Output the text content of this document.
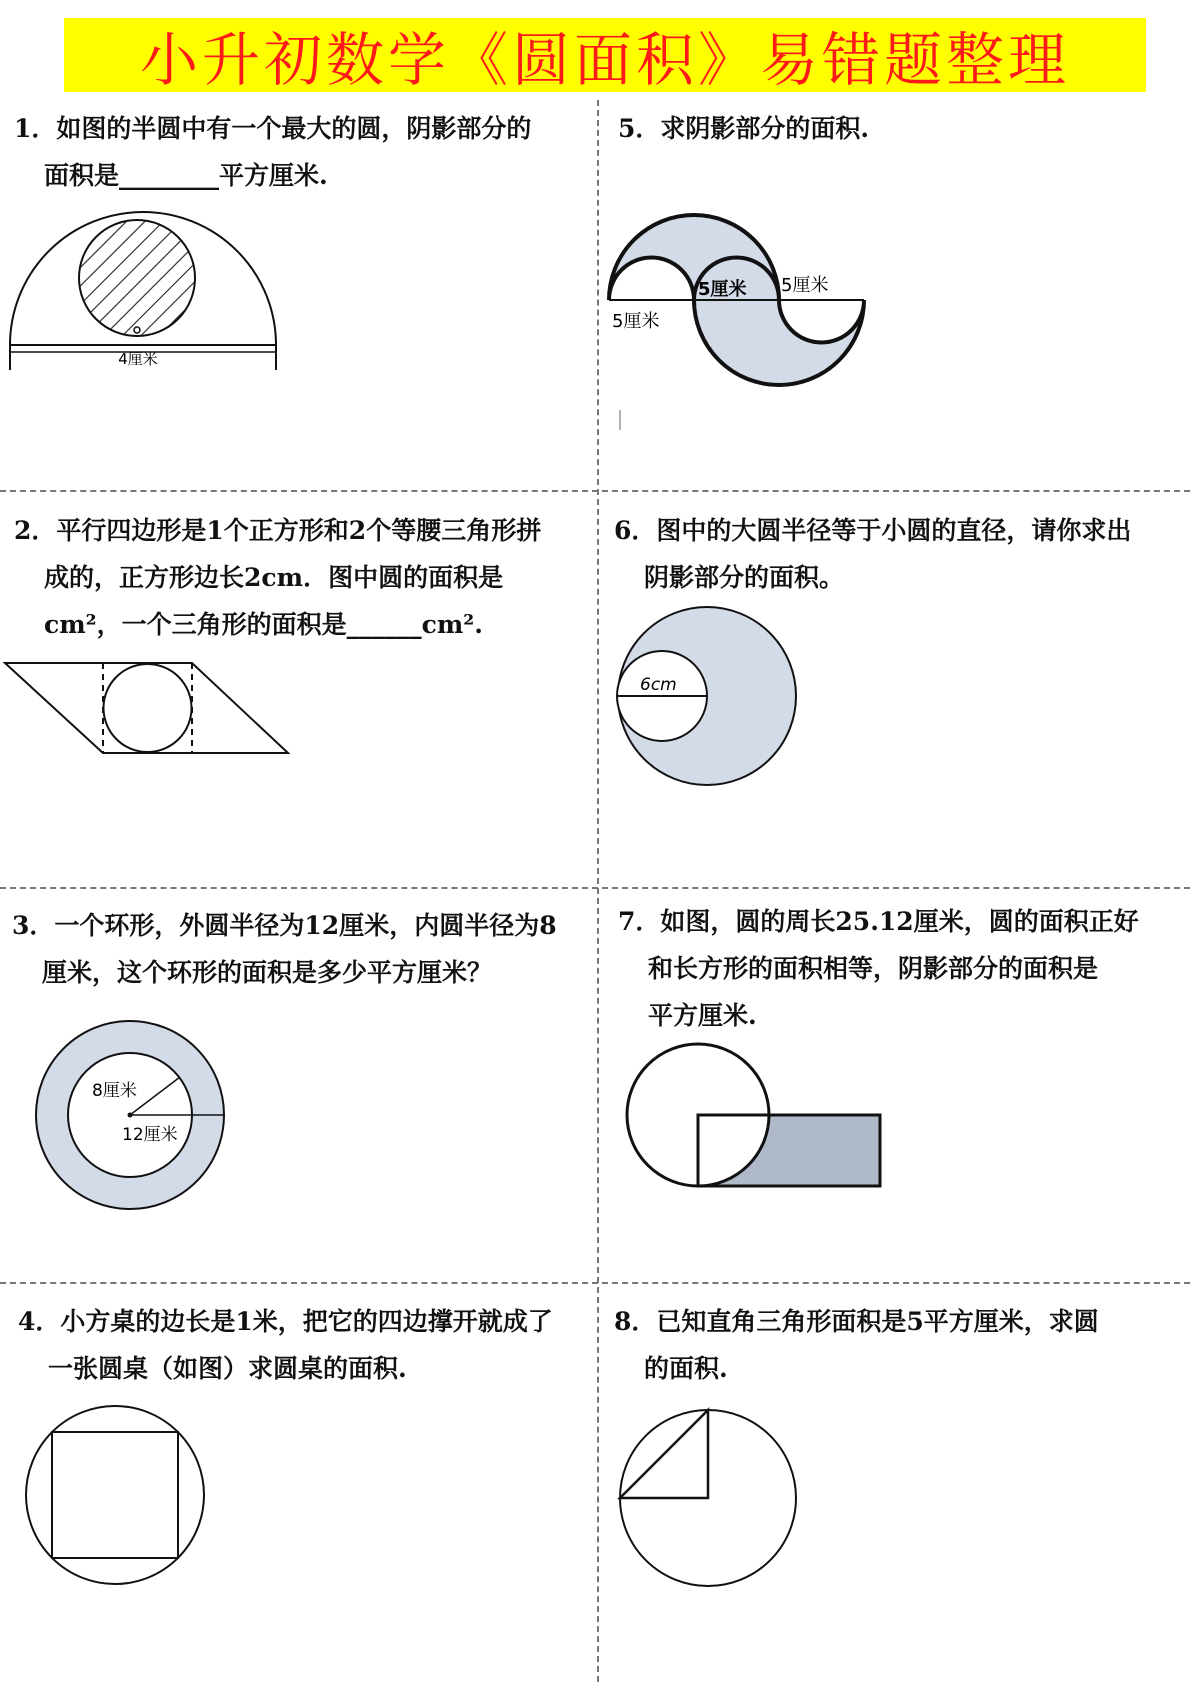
小升初数学《圆面积》易错题整理
1．如图的半圆中有一个最大的圆，阴影部分的
面积是________平方厘米.
4厘米
5．求阴影部分的面积.
5厘米 5厘米
5厘米
2．平行四边形是1个正方形和2个等腰三角形拼
成的，正方形边长2cm．图中圆的面积是
cm²，一个三角形的面积是______cm².
6．图中的大圆半径等于小圆的直径，请你求出
阴影部分的面积。
6cm
3．一个环形，外圆半径为12厘米，内圆半径为8
厘米，这个环形的面积是多少平方厘米？
8厘米
12厘米
7．如图，圆的周长25.12厘米，圆的面积正好
和长方形的面积相等，阴影部分的面积是
平方厘米.
4．小方桌的边长是1米，把它的四边撑开就成了
一张圆桌（如图）求圆桌的面积.
8．已知直角三角形面积是5平方厘米，求圆
的面积.
